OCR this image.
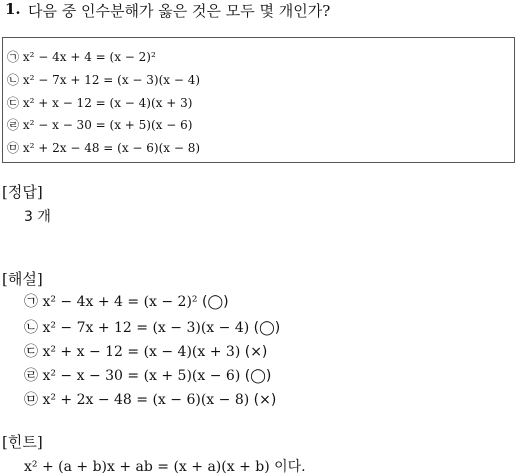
1. 다음 중 인수분해가 옳은 것은 모두 몇 개인가?
㉠ x² − 4x + 4 = (x − 2)²
㉡ x² − 7x + 12 = (x − 3)(x − 4)
㉢ x² + x − 12 = (x − 4)(x + 3)
㉣ x² − x − 30 = (x + 5)(x − 6)
㉤ x² + 2x − 48 = (x − 6)(x − 8)
[정답]
3 개
[해설]
㉠ x² − 4x + 4 = (x − 2)² (◯)
㉡ x² − 7x + 12 = (x − 3)(x − 4) (◯)
㉢ x² + x − 12 = (x − 4)(x + 3) (×)
㉣ x² − x − 30 = (x + 5)(x − 6) (◯)
㉤ x² + 2x − 48 = (x − 6)(x − 8) (×)
[힌트]
x² + (a + b)x + ab = (x + a)(x + b) 이다.
